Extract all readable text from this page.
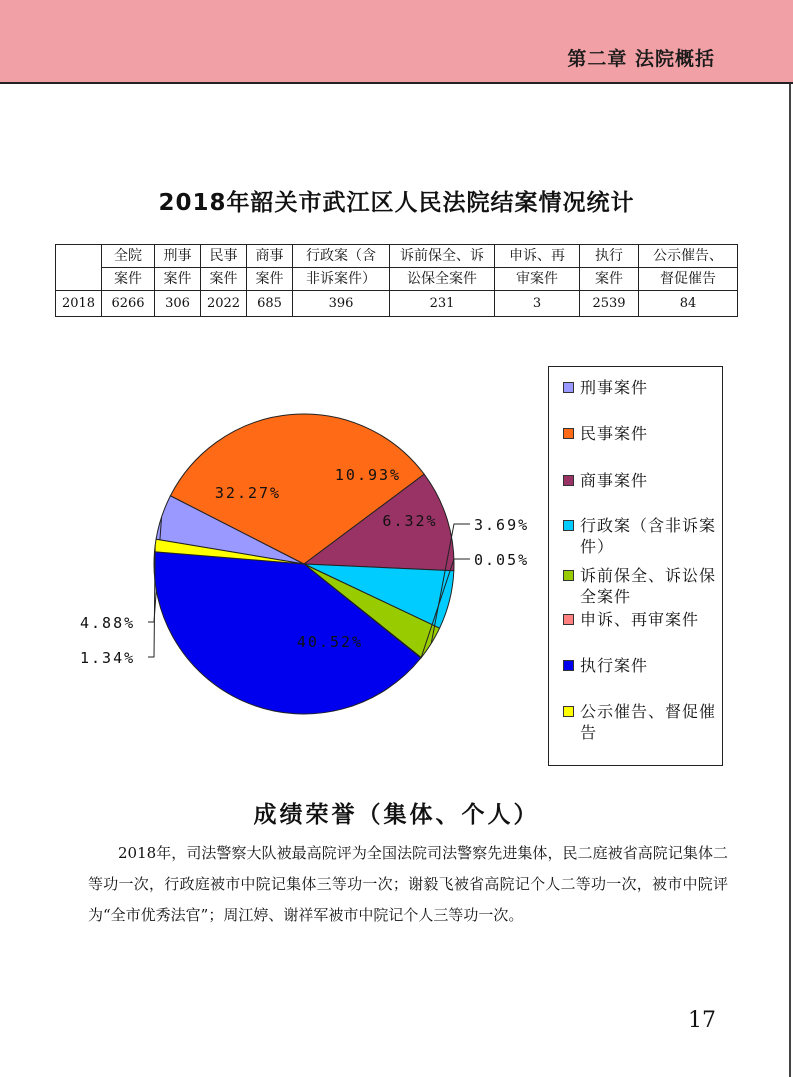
第二章 法院概括
2018年韶关市武江区人民法院结案情况统计
	全院	刑事	民事	商事	行政案（含	诉前保全、诉	申诉、再	执行	公示催告、
	案件	案件	案件	案件	非诉案件）	讼保全案件	审案件	案件	督促催告
2018	6266	306	2022	685	396	231	3	2539	84
4.88%
32.27%
10.93%
6.32% 3.69%
0.05%
40.52%
1.34%
刑事案件
民事案件
商事案件
行政案（含非诉案件）
诉前保全、诉讼保全案件
申诉、再审案件
执行案件
公示催告、督促催告
成绩荣誉（集体、个人）

2018年，司法警察大队被最高院评为全国法院司法警察先进集体，民二庭被省高院记集体二等功一次，行政庭被市中院记集体三等功一次；谢毅飞被省高院记个人二等功一次，被市中院评为“全市优秀法官”；周江婷、谢祥军被市中院记个人三等功一次。

17
